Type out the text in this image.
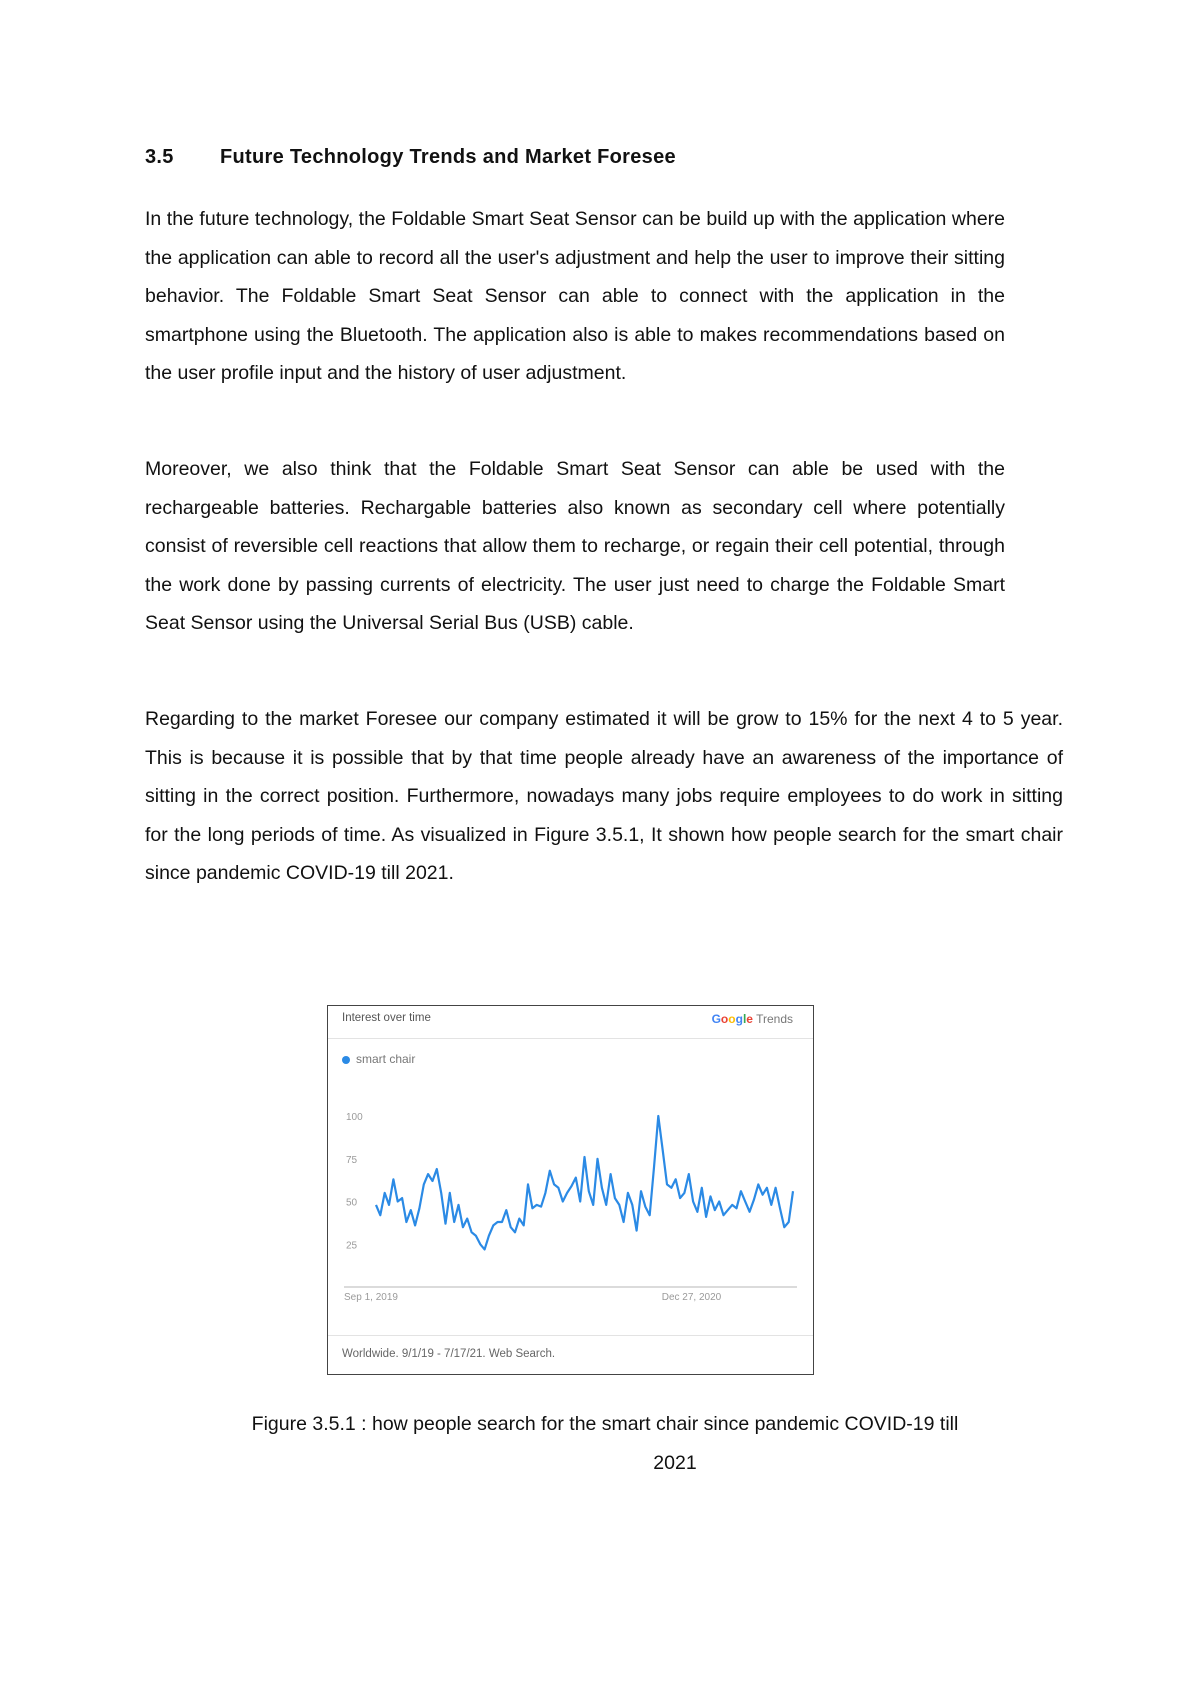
3.5 Future Technology Trends and Market Foresee

In the future technology, the Foldable Smart Seat Sensor can be build up with the application where the application can able to record all the user's adjustment and help the user to improve their sitting behavior. The Foldable Smart Seat Sensor can able to connect with the application in the smartphone using the Bluetooth. The application also is able to makes recommendations based on the user profile input and the history of user adjustment.

Moreover, we also think that the Foldable Smart Seat Sensor can able be used with the rechargeable batteries. Rechargable batteries also known as secondary cell where potentially consist of reversible cell reactions that allow them to recharge, or regain their cell potential, through the work done by passing currents of electricity. The user just need to charge the Foldable Smart Seat Sensor using the Universal Serial Bus (USB) cable.

Regarding to the market Foresee our company estimated it will be grow to 15% for the next 4 to 5 year. This is because it is possible that by that time people already have an awareness of the importance of sitting in the correct position. Furthermore, nowadays many jobs require employees to do work in sitting for the long periods of time. As visualized in Figure 3.5.1, It shown how people search for the smart chair since pandemic COVID-19 till 2021.

Interest over time	Google Trends
smart chair
25
50
75
100
Sep 1, 2019	Dec 27, 2020
Worldwide. 9/1/19 - 7/17/21. Web Search.
Figure 3.5.1 : how people search for the smart chair since pandemic COVID-19 till
2021
